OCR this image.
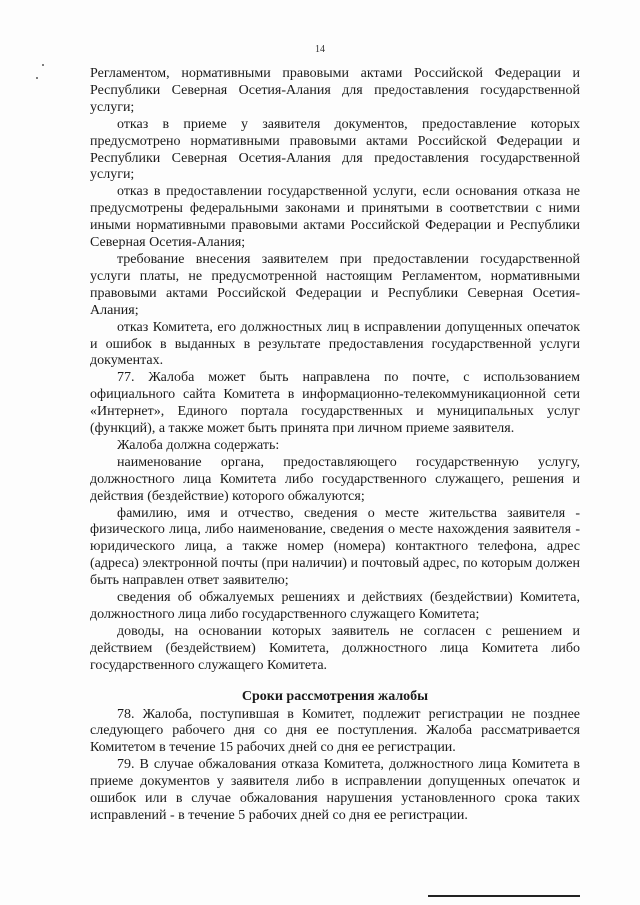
14

Регламентом, нормативными правовыми актами Российской Федерации и Республики Северная Осетия-Алания для предоставления государственной услуги;

отказ в приеме у заявителя документов, предоставление которых предусмотрено нормативными правовыми актами Российской Федерации и Республики Северная Осетия-Алания для предоставления государственной услуги;

отказ в предоставлении государственной услуги, если основания отказа не предусмотрены федеральными законами и принятыми в соответствии с ними иными нормативными правовыми актами Российской Федерации и Республики Северная Осетия-Алания;

требование внесения заявителем при предоставлении государственной услуги платы, не предусмотренной настоящим Регламентом, нормативными правовыми актами Российской Федерации и Республики Северная Осетия-Алания;

отказ Комитета, его должностных лиц в исправлении допущенных опечаток и ошибок в выданных в результате предоставления государственной услуги документах.

77. Жалоба может быть направлена по почте, с использованием официального сайта Комитета в информационно-телекоммуникационной сети «Интернет», Единого портала государственных и муниципальных услуг (функций), а также может быть принята при личном приеме заявителя.

Жалоба должна содержать:

наименование органа, предоставляющего государственную услугу, должностного лица Комитета либо государственного служащего, решения и действия (бездействие) которого обжалуются;

фамилию, имя и отчество, сведения о месте жительства заявителя - физического лица, либо наименование, сведения о месте нахождения заявителя - юридического лица, а также номер (номера) контактного телефона, адрес (адреса) электронной почты (при наличии) и почтовый адрес, по которым должен быть направлен ответ заявителю;

сведения об обжалуемых решениях и действиях (бездействии) Комитета, должностного лица либо государственного служащего Комитета;

доводы, на основании которых заявитель не согласен с решением и действием (бездействием) Комитета, должностного лица Комитета либо государственного служащего Комитета.

Сроки рассмотрения жалобы

78. Жалоба, поступившая в Комитет, подлежит регистрации не позднее следующего рабочего дня со дня ее поступления. Жалоба рассматривается Комитетом в течение 15 рабочих дней со дня ее регистрации.

79. В случае обжалования отказа Комитета, должностного лица Комитета в приеме документов у заявителя либо в исправлении допущенных опечаток и ошибок или в случае обжалования нарушения установленного срока таких исправлений - в течение 5 рабочих дней со дня ее регистрации.
